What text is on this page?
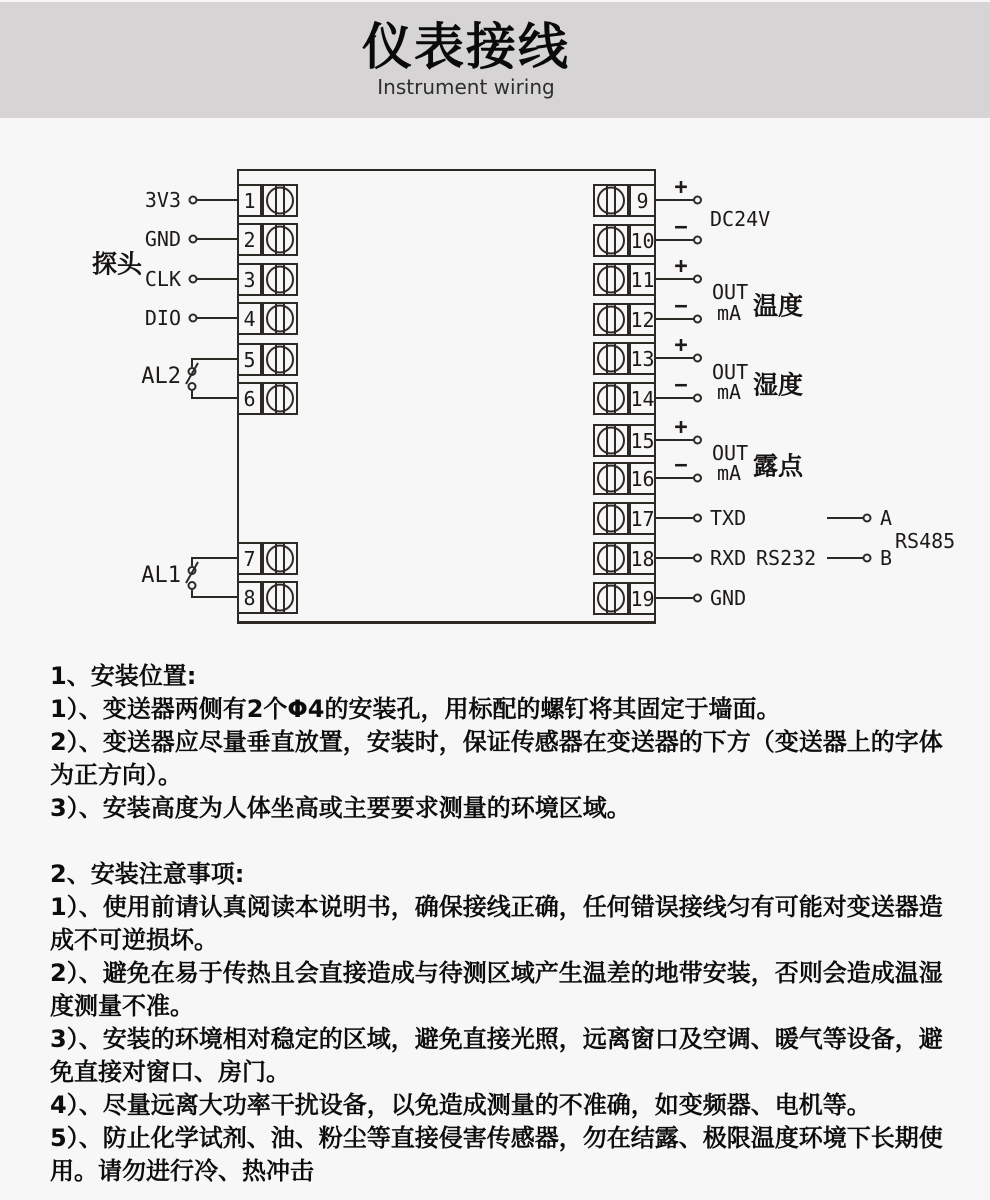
仪表接线
Instrument wiring
1
3V3
2
GND
3
CLK
4
DIO
5
6
7
8
9
+
10
−
11
+
12
−
13
+
14
−
15
+
16
−
17
18
19
探头
AL2
AL1
DC24V
OUT
mA 温度
OUT
mA 湿度
OUT
mA 露点
TXD
RXD RS232
GND
A
B
RS485
1、安装位置:
1）、变送器两侧有2个Φ4的安装孔，用标配的螺钉将其固定于墙面。
2）、变送器应尽量垂直放置，安装时，保证传感器在变送器的下方（变送器上的字体
为正方向）。
3）、安装高度为人体坐高或主要要求测量的环境区域。
2、安装注意事项:
1）、使用前请认真阅读本说明书，确保接线正确，任何错误接线匀有可能对变送器造
成不可逆损坏。
2）、避免在易于传热且会直接造成与待测区域产生温差的地带安装，否则会造成温湿
度测量不准。
3）、安装的环境相对稳定的区域，避免直接光照，远离窗口及空调、暖气等设备，避
免直接对窗口、房门。
4）、尽量远离大功率干扰设备，以免造成测量的不准确，如变频器、电机等。
5）、防止化学试剂、油、粉尘等直接侵害传感器，勿在结露、极限温度环境下长期使
用。请勿进行冷、热冲击
